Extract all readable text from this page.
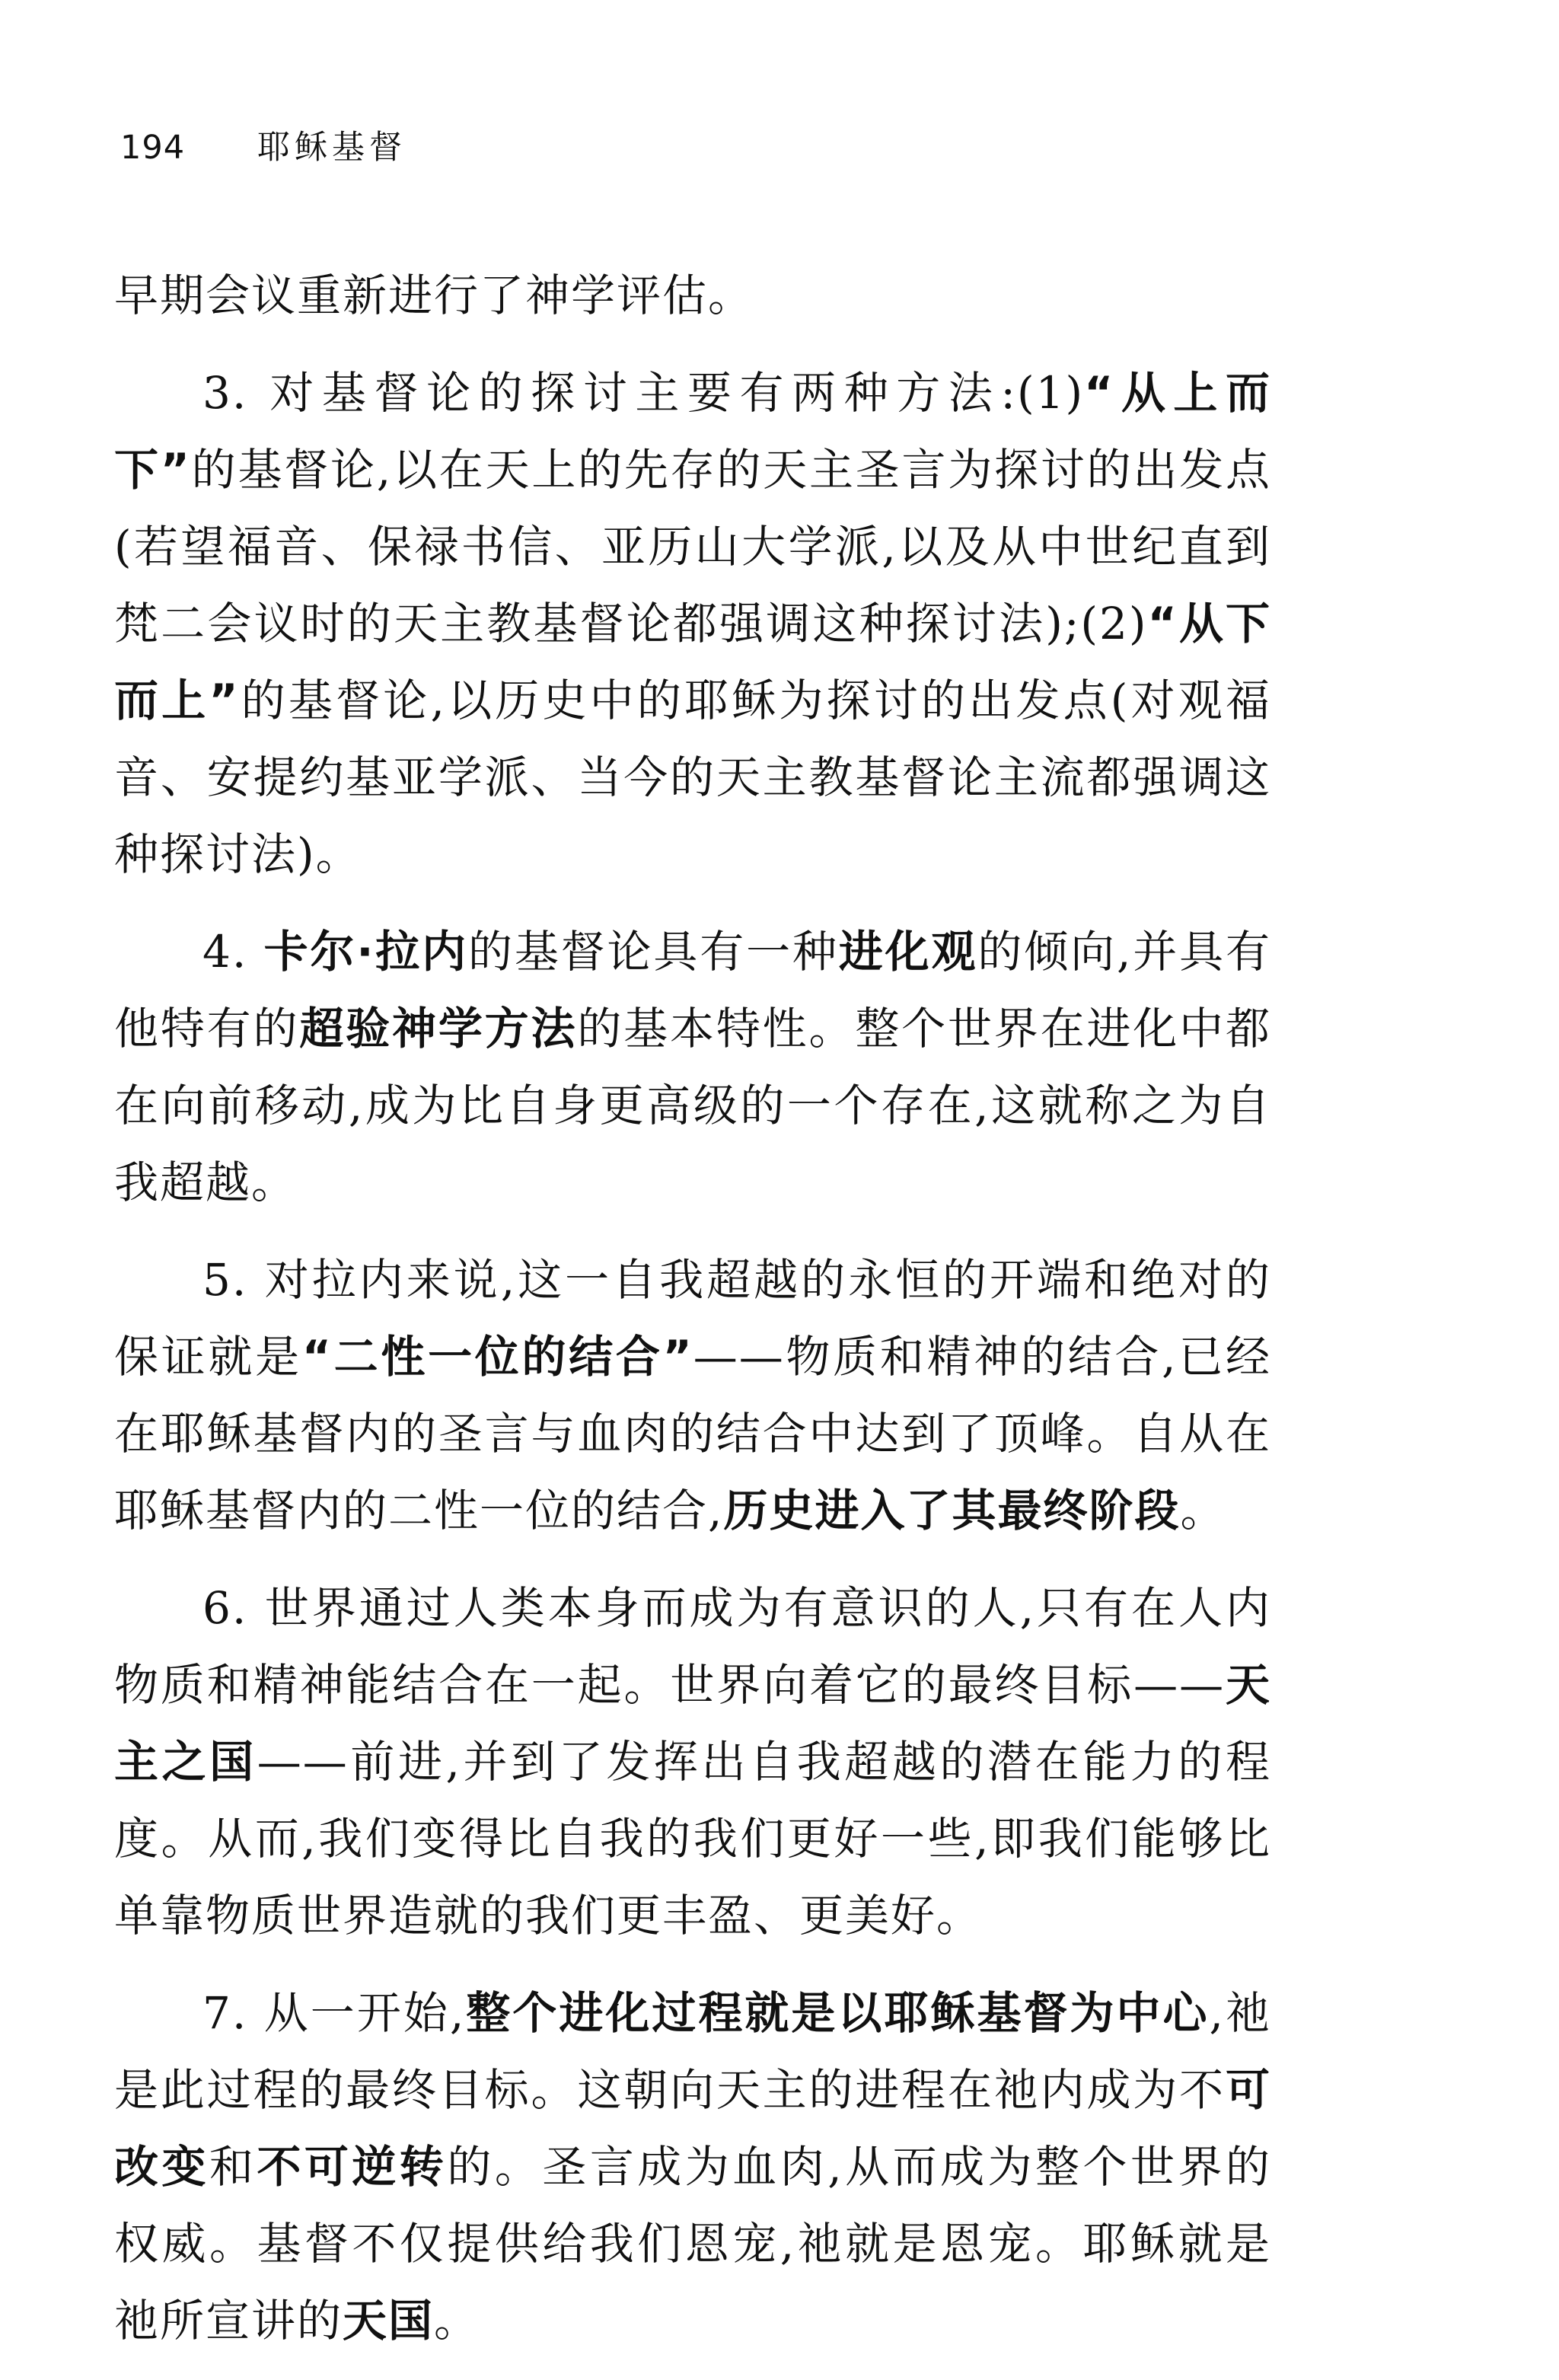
194	耶稣基督

早期会议重新进行了神学评估。

3. 对基督论的探讨主要有两种方法:(1)“从上而下”的基督论,以在天上的先存的天主圣言为探讨的出发点(若望福音、保禄书信、亚历山大学派,以及从中世纪直到梵二会议时的天主教基督论都强调这种探讨法);(2)“从下而上”的基督论,以历史中的耶稣为探讨的出发点(对观福音、安提约基亚学派、当今的天主教基督论主流都强调这种探讨法)。

4. 卡尔·拉内的基督论具有一种进化观的倾向,并具有他特有的超验神学方法的基本特性。整个世界在进化中都在向前移动,成为比自身更高级的一个存在,这就称之为自我超越。

5. 对拉内来说,这一自我超越的永恒的开端和绝对的保证就是“二性一位的结合”——物质和精神的结合,已经在耶稣基督内的圣言与血肉的结合中达到了顶峰。自从在耶稣基督内的二性一位的结合,历史进入了其最终阶段。

6. 世界通过人类本身而成为有意识的人,只有在人内物质和精神能结合在一起。世界向着它的最终目标——天主之国——前进,并到了发挥出自我超越的潜在能力的程度。从而,我们变得比自我的我们更好一些,即我们能够比单靠物质世界造就的我们更丰盈、更美好。

7. 从一开始,整个进化过程就是以耶稣基督为中心,祂是此过程的最终目标。这朝向天主的进程在祂内成为不可改变和不可逆转的。圣言成为血肉,从而成为整个世界的权威。基督不仅提供给我们恩宠,祂就是恩宠。耶稣就是祂所宣讲的天国。
